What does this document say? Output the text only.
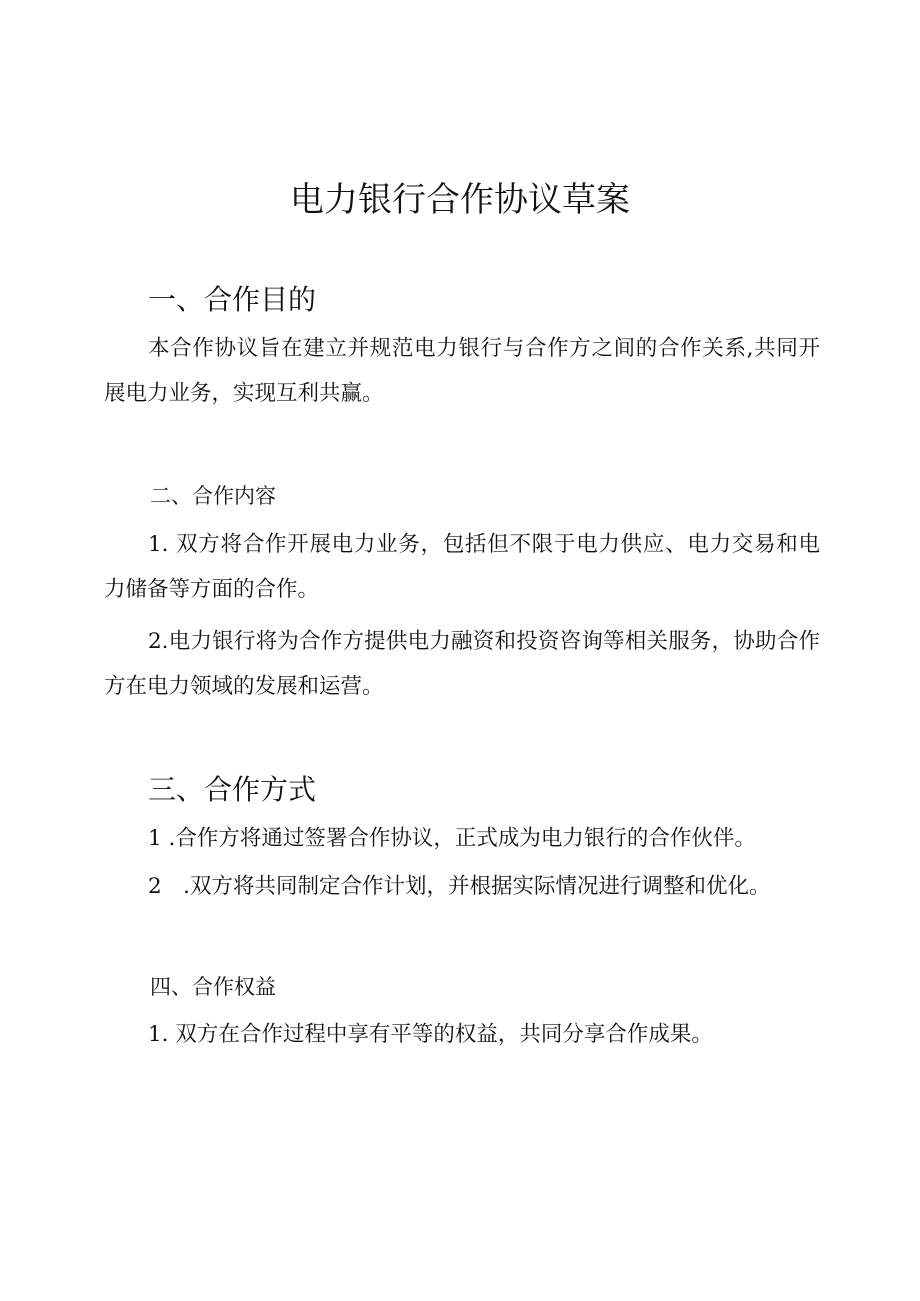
电力银行合作协议草案
一、合作目的
本合作协议旨在建立并规范电力银行与合作方之间的合作关系,共同开展电力业务，实现互利共赢。
二、合作内容
1. 双方将合作开展电力业务，包括但不限于电力供应、电力交易和电力储备等方面的合作。
2.电力银行将为合作方提供电力融资和投资咨询等相关服务，协助合作方在电力领域的发展和运营。
三、合作方式
1 .合作方将通过签署合作协议，正式成为电力银行的合作伙伴。
2　.双方将共同制定合作计划，并根据实际情况进行调整和优化。
四、合作权益
1. 双方在合作过程中享有平等的权益，共同分享合作成果。
